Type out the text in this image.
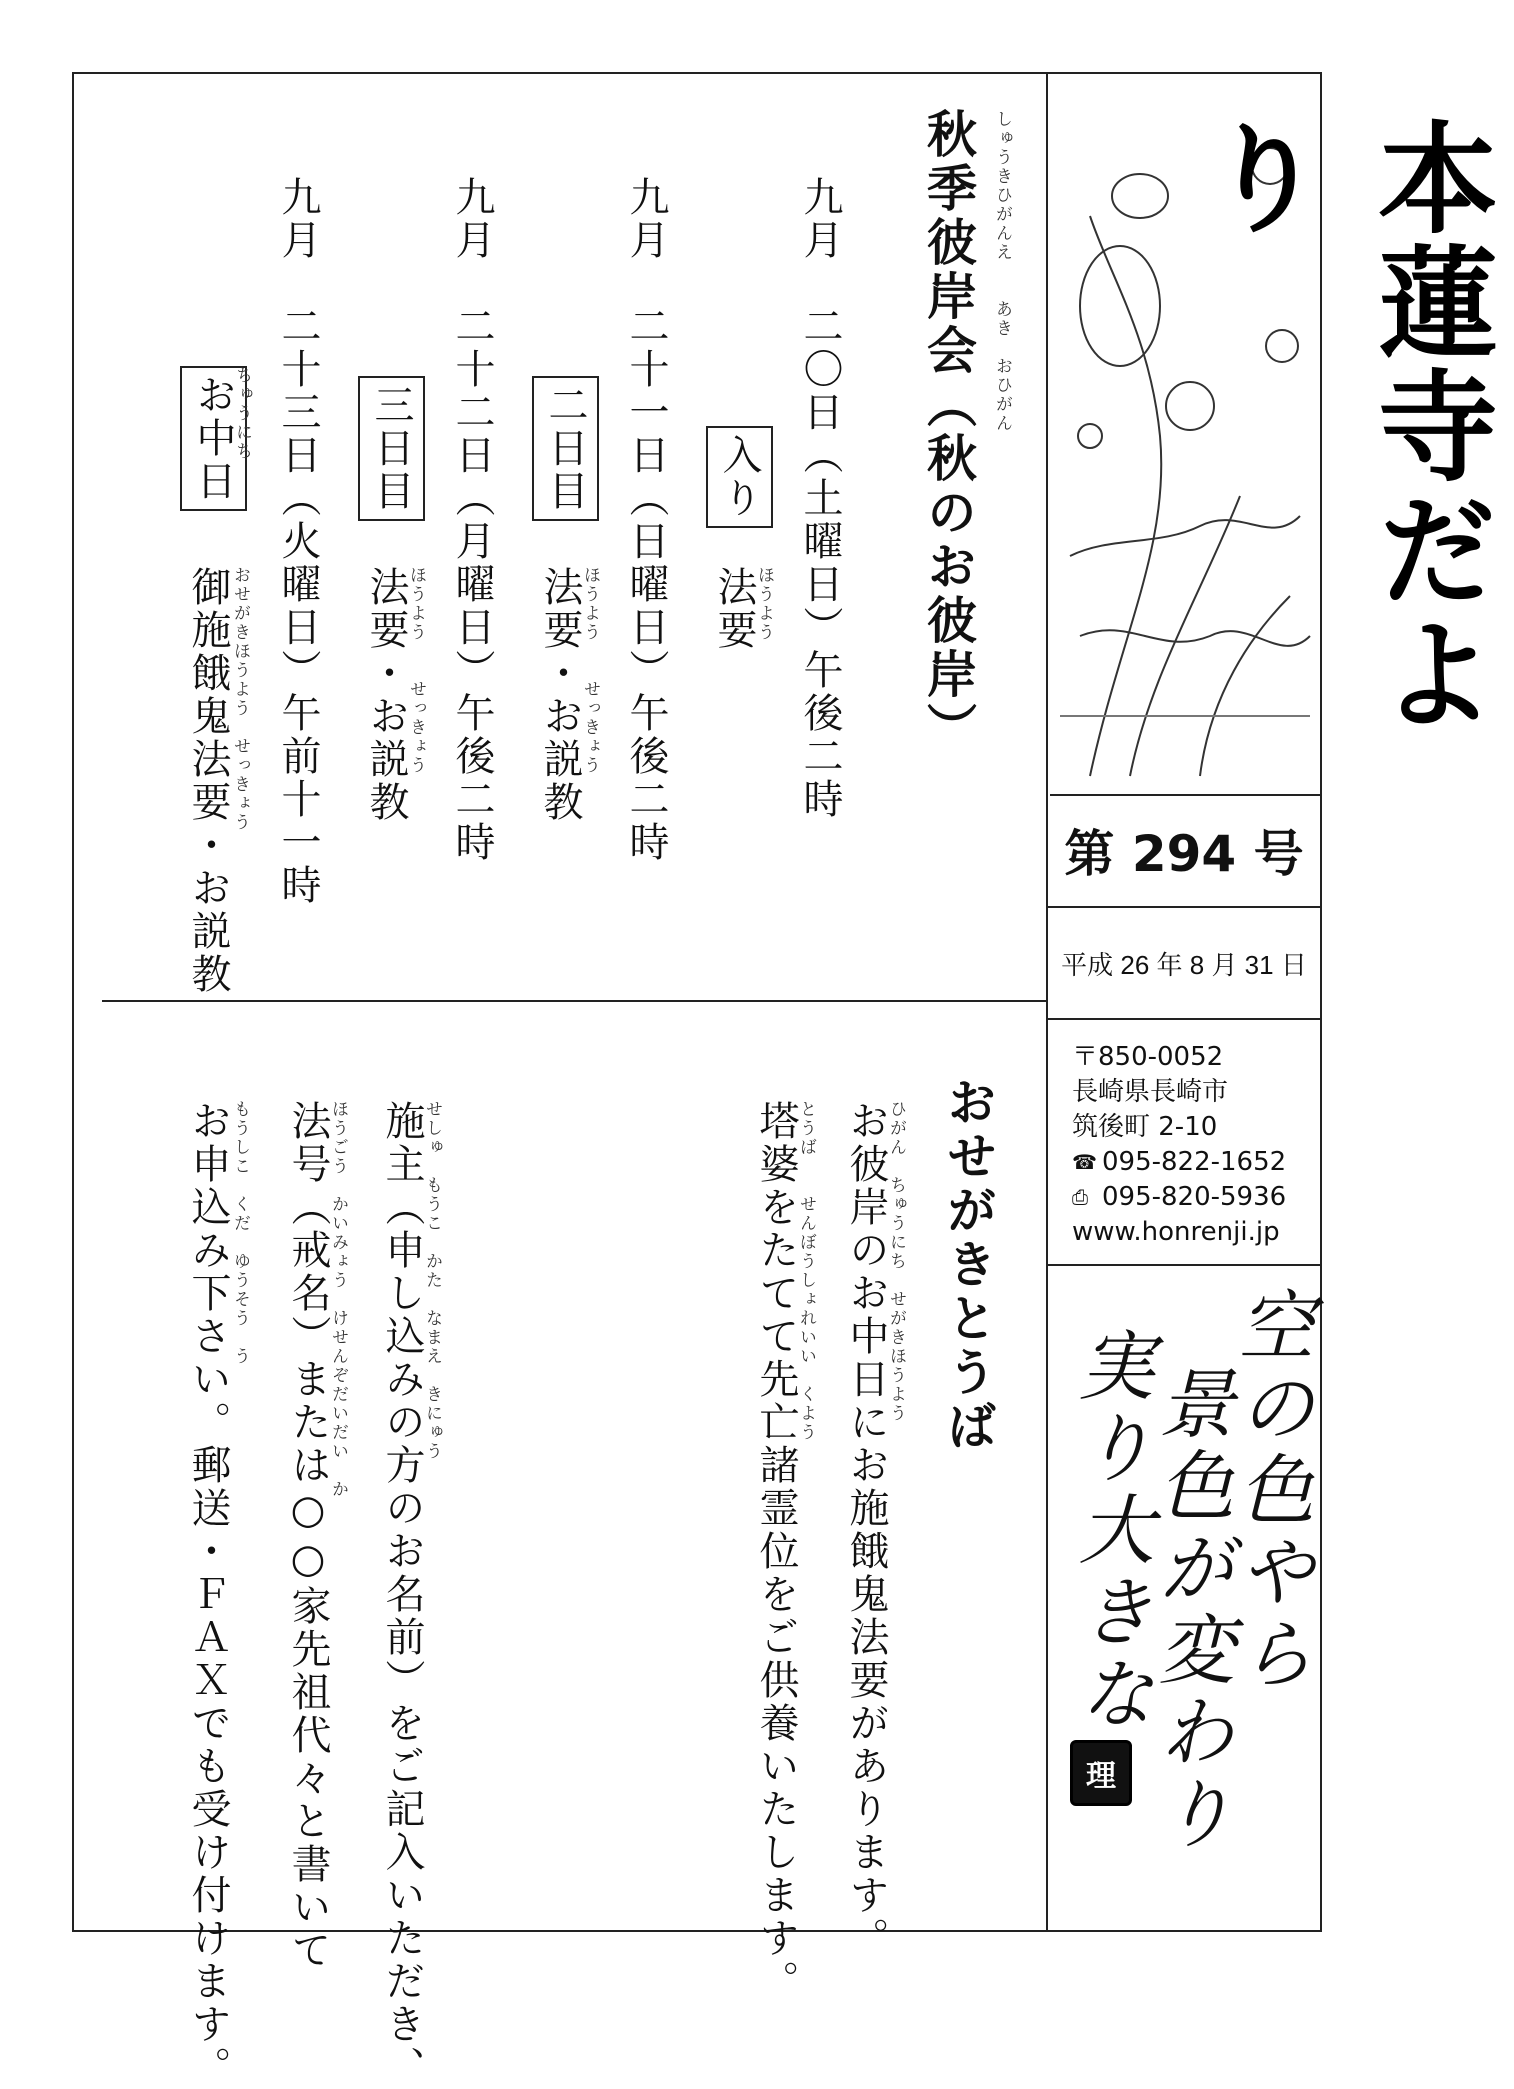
秋季彼岸会（秋のお彼岸） しゅうきひがんえ　　あき　おひがん
九月　二〇日（土曜日）午後二時
入り
法要
ほうよう
九月　二十一日（日曜日）午後二時
二日目
法要・お説教
ほうよう　　せっきょう
九月　二十二日（月曜日）午後二時
三日目
法要・お説教
ほうよう　　せっきょう
九月　二十三日（火曜日）午前十一時
お中日
ちゅうにち
御施餓鬼法要・お説教 おせがきほうよう　せっきょう
おせがきとうば
お彼岸のお中日にお施餓鬼法要があります。
ひがん　ちゅうにち　せがきほうよう
塔婆をたてて先亡諸霊位をご供養いたします。
とうば　　せんぼうしょれいい　くよう
施主（申し込みの方のお名前）をご記入いただき、
せしゅ　もうこ　かた　なまえ　きにゅう
法号（戒名）または○○家先祖代々と書いて
ほうごう　かいみょう　けせんぞだいだい　か
お申込み下さい。郵送・ＦＡＸでも受け付けます。 もうしこ　くだ　ゆうそう　う
本蓮寺だより
第 294 号
平成 26 年 8 月 31 日
〒850-0052
長崎県長崎市
筑後町 2-10
☎ 095-822-1652
⎙ 095-820-5936
www.honrenji.jp
空の色やら
景色が変わり
実り大きな
理
